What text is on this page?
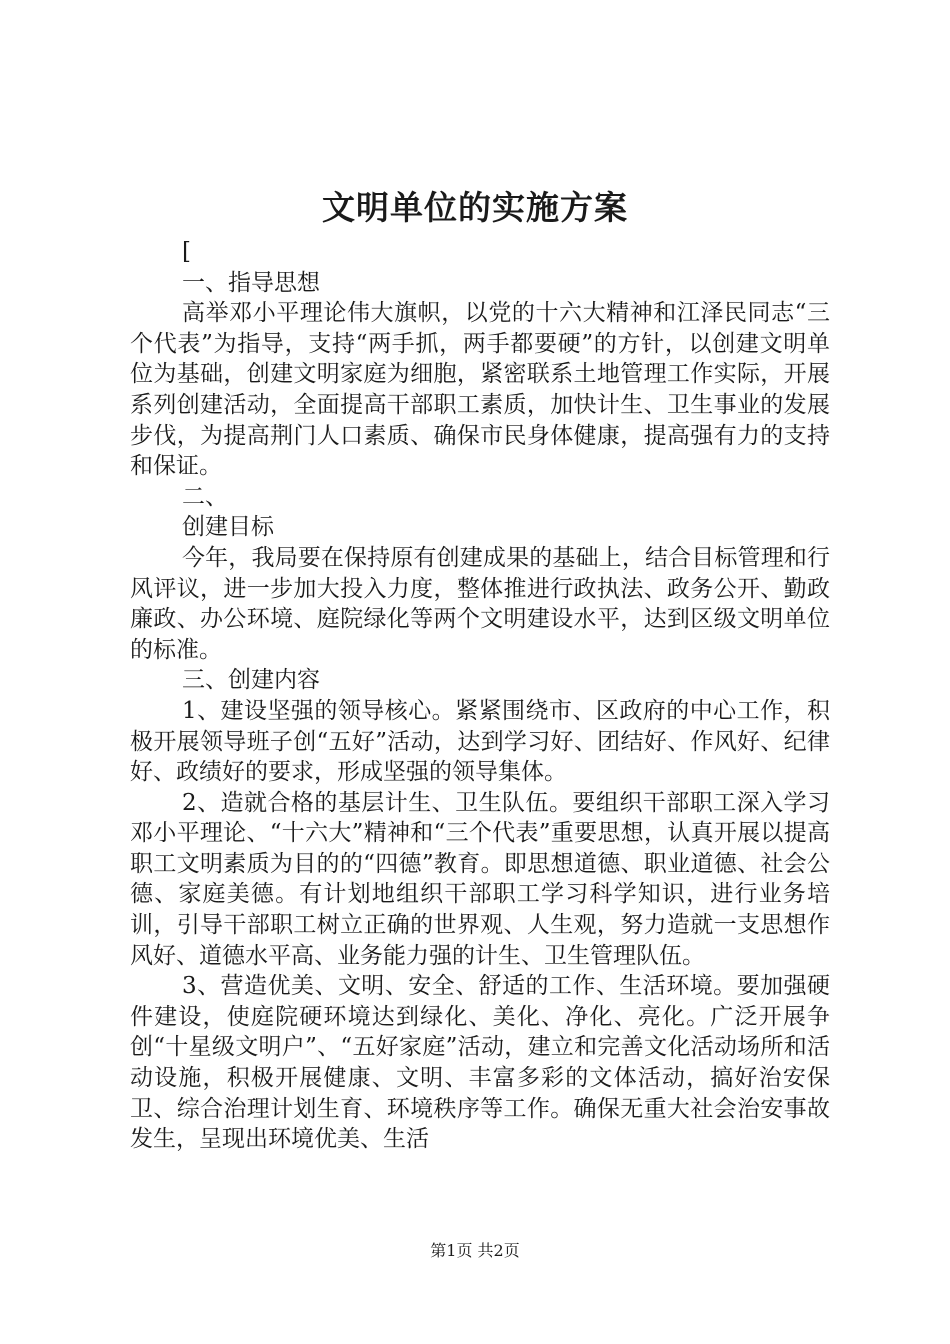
文明单位的实施方案

[

一、指导思想

高举邓小平理论伟大旗帜，以党的十六大精神和江泽民同志“三个代表”为指导，支持“两手抓，两手都要硬”的方针，以创建文明单位为基础，创建文明家庭为细胞，紧密联系土地管理工作实际，开展系列创建活动，全面提高干部职工素质，加快计生、卫生事业的发展步伐，为提高荆门人口素质、确保市民身体健康，提高强有力的支持和保证。

二、

创建目标

今年，我局要在保持原有创建成果的基础上，结合目标管理和行风评议，进一步加大投入力度，整体推进行政执法、政务公开、勤政廉政、办公环境、庭院绿化等两个文明建设水平，达到区级文明单位的标准。

三、创建内容

1、建设坚强的领导核心。紧紧围绕市、区政府的中心工作，积极开展领导班子创“五好”活动，达到学习好、团结好、作风好、纪律好、政绩好的要求，形成坚强的领导集体。

2、造就合格的基层计生、卫生队伍。要组织干部职工深入学习邓小平理论、“十六大”精神和“三个代表”重要思想，认真开展以提高职工文明素质为目的的“四德”教育。即思想道德、职业道德、社会公德、家庭美德。有计划地组织干部职工学习科学知识，进行业务培训，引导干部职工树立正确的世界观、人生观，努力造就一支思想作风好、道德水平高、业务能力强的计生、卫生管理队伍。

3、营造优美、文明、安全、舒适的工作、生活环境。要加强硬件建设，使庭院硬环境达到绿化、美化、净化、亮化。广泛开展争创“十星级文明户”、“五好家庭”活动，建立和完善文化活动场所和活动设施，积极开展健康、文明、丰富多彩的文体活动，搞好治安保卫、综合治理计划生育、环境秩序等工作。确保无重大社会治安事故发生，呈现出环境优美、生活

第1页 共2页
